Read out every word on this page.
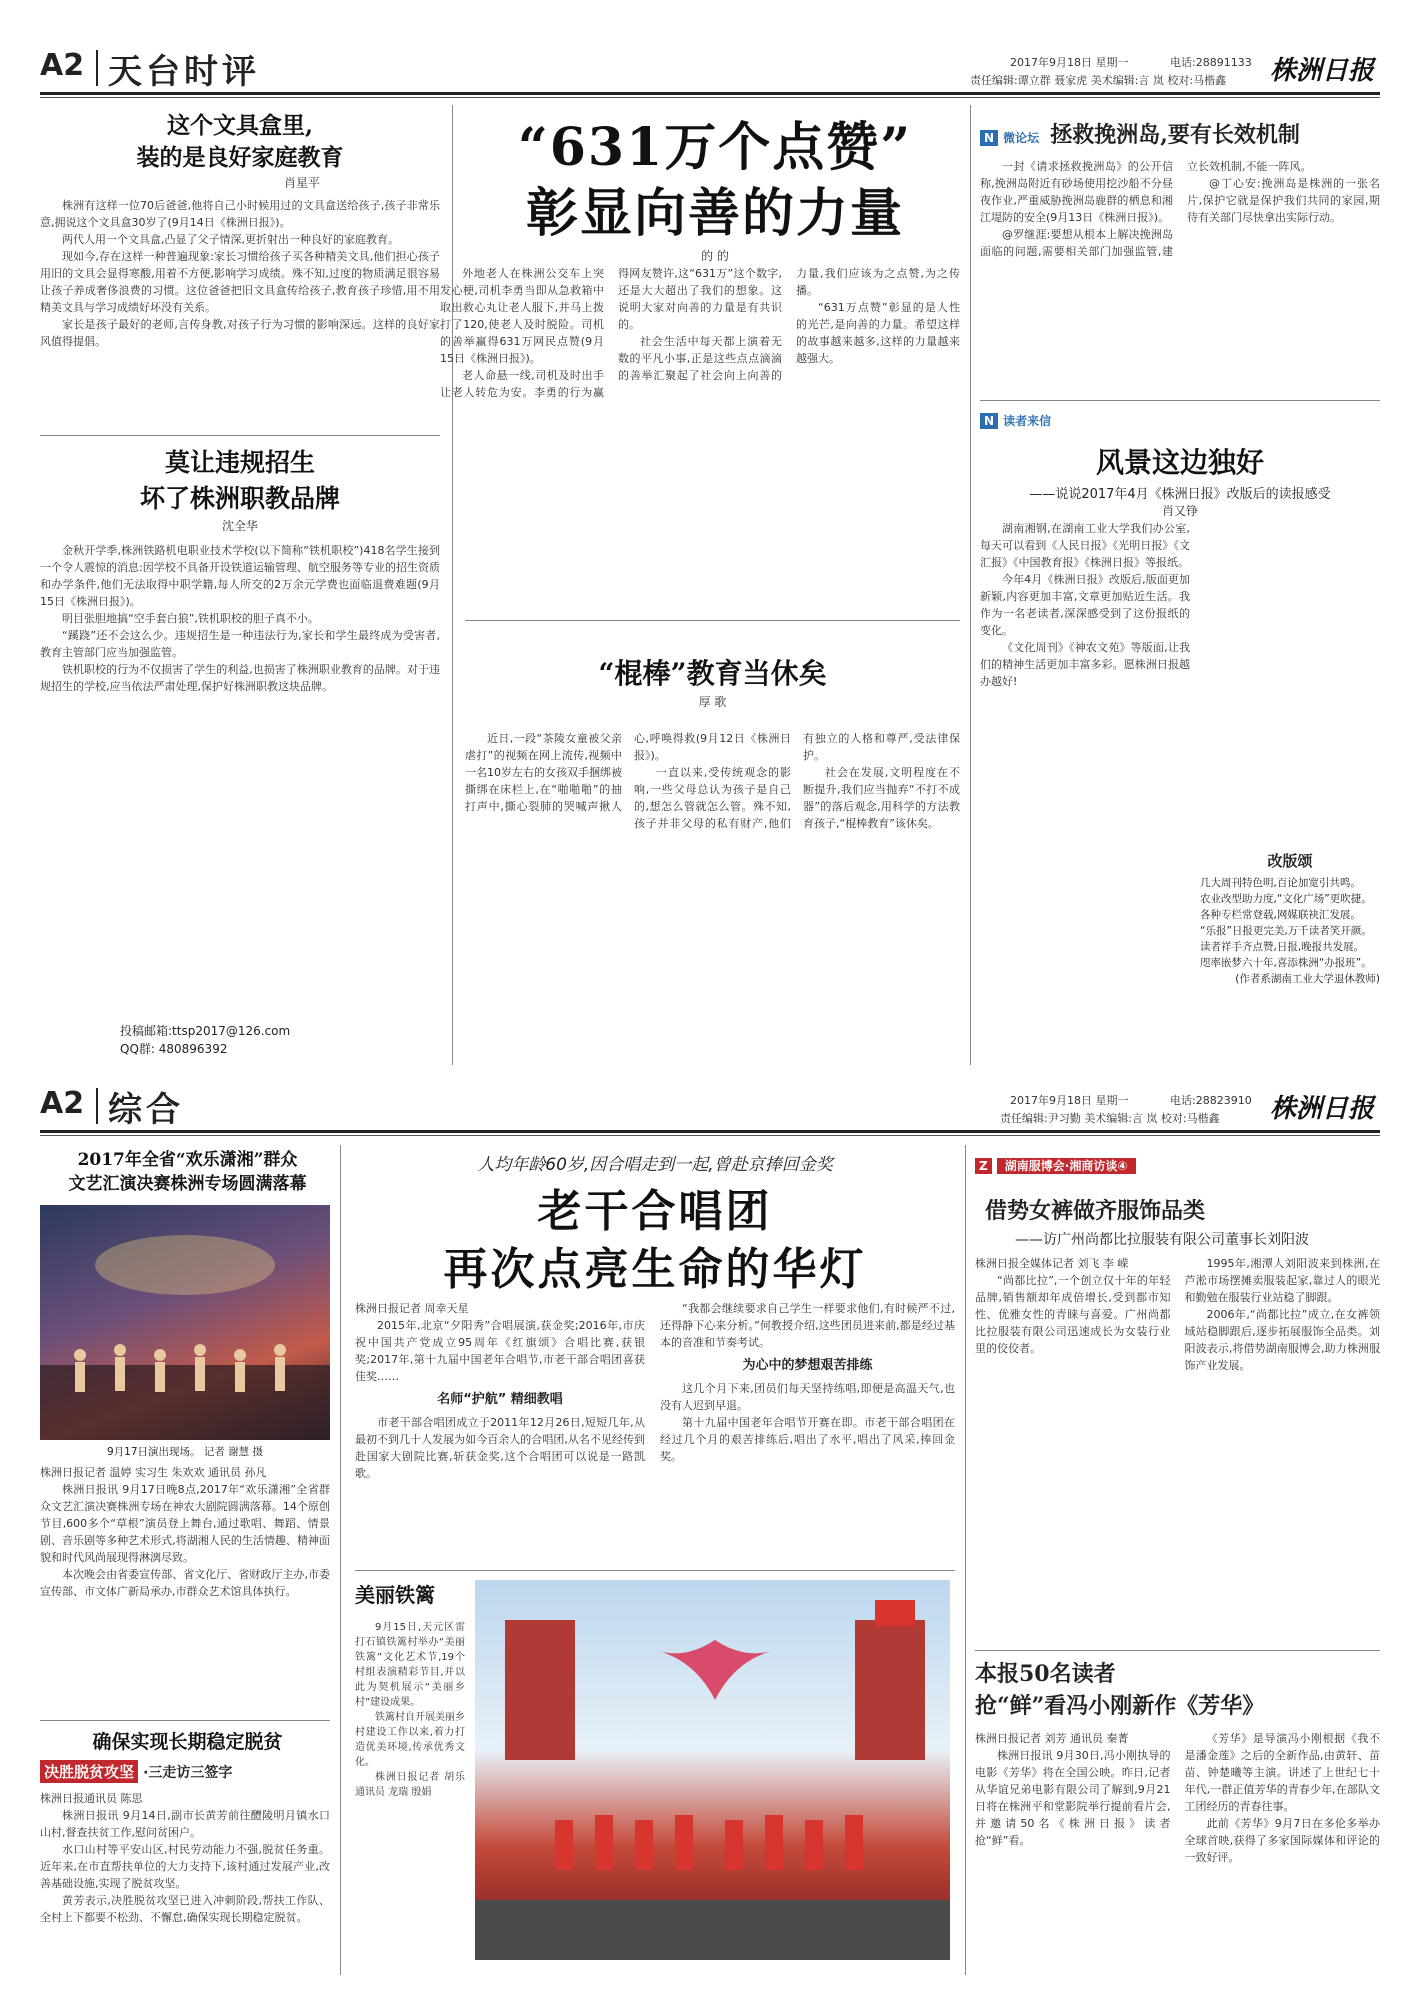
A2 天台时评	2017年9月18日 星期一	电话:28891133
责任编辑:谭立群 聂家虎 美术编辑:言 岚 校对:马楷鑫 株洲日报
这个文具盒里,
装的是良好家庭教育
肖星平

株洲有这样一位70后爸爸,他将自己小时候用过的文具盒送给孩子,孩子非常乐意,拥说这个文具盒30岁了(9月14日《株洲日报》)。

两代人用一个文具盒,凸显了父子情深,更折射出一种良好的家庭教育。

现如今,存在这样一种普遍现象:家长习惯给孩子买各种精美文具,他们担心孩子用旧的文具会显得寒酸,用着不方便,影响学习成绩。殊不知,过度的物质满足很容易让孩子养成奢侈浪费的习惯。这位爸爸把旧文具盒传给孩子,教育孩子珍惜,用不用精美文具与学习成绩好坏没有关系。

家长是孩子最好的老师,言传身教,对孩子行为习惯的影响深远。这样的良好家风值得提倡。

莫让违规招生
坏了株洲职教品牌
沈全华

金秋开学季,株洲铁路机电职业技术学校(以下简称“铁机职校”)418名学生接到一个令人震惊的消息:因学校不具备开设铁道运输管理、航空服务等专业的招生资质和办学条件,他们无法取得中职学籍,每人所交的2万余元学费也面临退费难题(9月15日《株洲日报》)。

明目张胆地搞“空手套白狼”,铁机职校的胆子真不小。

“蹊跷”还不会这么少。违规招生是一种违法行为,家长和学生最终成为受害者,教育主管部门应当加强监管。

铁机职校的行为不仅损害了学生的利益,也损害了株洲职业教育的品牌。对于违规招生的学校,应当依法严肃处理,保护好株洲职教这块品牌。

投稿邮箱:ttsp2017@126.com
QQ群: 480896392
“631万个点赞”
彰显向善的力量
的 的

外地老人在株洲公交车上突发心梗,司机李勇当即从急救箱中取出救心丸让老人服下,并马上拨打了120,使老人及时脱险。司机的善举赢得631万网民点赞(9月15日《株洲日报》)。

老人命悬一线,司机及时出手让老人转危为安。李勇的行为赢得网友赞许,这“631万”这个数字,还是大大超出了我们的想象。这说明大家对向善的力量是有共识的。

社会生活中每天都上演着无数的平凡小事,正是这些点点滴滴的善举汇聚起了社会向上向善的力量,我们应该为之点赞,为之传播。

“631万点赞”彰显的是人性的光芒,是向善的力量。希望这样的故事越来越多,这样的力量越来越强大。

“棍棒”教育当休矣
厚 歌

近日,一段“茶陵女童被父亲虐打”的视频在网上流传,视频中一名10岁左右的女孩双手捆绑被撕绑在床栏上,在“啪啪啪”的抽打声中,撕心裂肺的哭喊声揪人心,呼唤得救(9月12日《株洲日报》)。

一直以来,受传统观念的影响,一些父母总认为孩子是自己的,想怎么管就怎么管。殊不知,孩子并非父母的私有财产,他们有独立的人格和尊严,受法律保护。

社会在发展,文明程度在不断提升,我们应当抛弃“不打不成器”的落后观念,用科学的方法教育孩子,“棍棒教育”该休矣。

N 微论坛 拯救挽洲岛,要有长效机制

一封《请求拯救挽洲岛》的公开信称,挽洲岛附近有砂场使用挖沙船不分昼夜作业,严重威胁挽洲岛鹿群的栖息和湘江堤防的安全(9月13日《株洲日报》)。

@罗继涯:要想从根本上解决挽洲岛面临的问题,需要相关部门加强监管,建立长效机制,不能一阵风。

@丁心安:挽洲岛是株洲的一张名片,保护它就是保护我们共同的家园,期待有关部门尽快拿出实际行动。

N 读者来信
风景这边独好
——说说2017年4月《株洲日报》改版后的读报感受
肖又铮

湖南湘钢,在湖南工业大学我们办公室,每天可以看到《人民日报》《光明日报》《文汇报》《中国教育报》《株洲日报》等报纸。

今年4月《株洲日报》改版后,版面更加新颖,内容更加丰富,文章更加贴近生活。我作为一名老读者,深深感受到了这份报纸的变化。

《文化周刊》《神农文苑》等版面,让我们的精神生活更加丰富多彩。愿株洲日报越办越好!

改版颂
几大周刊特色明,百论加宽引共鸣。
农业改型助力度,“文化广场”更吹捷。
各种专栏常登载,网媒联袂汇发展。
“乐报”日报更完美,万千读者笑开颜。
读者祥手齐点赞,日报,晚报共发展。
咫率嵌梦六十年,喜添株洲“办报班”。
(作者系湖南工业大学退休教师)
A2 综合	2017年9月18日 星期一	电话:28823910
责任编辑:尹习勤 美术编辑:言 岚 校对:马楷鑫 株洲日报
2017年全省“欢乐潇湘”群众
文艺汇演决赛株洲专场圆满落幕
9月17日演出现场。 记者 谢慧 摄
株洲日报记者 温婷 实习生 朱欢欢 通讯员 孙凡

株洲日报讯 9月17日晚8点,2017年“欢乐潇湘”全省群众文艺汇演决赛株洲专场在神农大剧院圆满落幕。14个原创节目,600多个“草根”演员登上舞台,通过歌唱、舞蹈、情景剧、音乐剧等多种艺术形式,将湖湘人民的生活情趣、精神面貌和时代风尚展现得淋漓尽致。

本次晚会由省委宣传部、省文化厅、省财政厅主办,市委宣传部、市文体广新局承办,市群众艺术馆具体执行。

确保实现长期稳定脱贫
决胜脱贫攻坚 ·三走访三签字
株洲日报通讯员 陈思

株洲日报讯 9月14日,副市长黄芳前往醴陵明月镇水口山村,督查扶贫工作,慰问贫困户。

水口山村等平安山区,村民劳动能力不强,脱贫任务重。近年来,在市直帮扶单位的大力支持下,该村通过发展产业,改善基础设施,实现了脱贫攻坚。

黄芳表示,决胜脱贫攻坚已进入冲刺阶段,帮扶工作队、全村上下都要不松劲、不懈怠,确保实现长期稳定脱贫。

人均年龄60岁,因合唱走到一起,曾赴京捧回金奖
老干合唱团
再次点亮生命的华灯
株洲日报记者 周幸天星

2015年,北京“夕阳秀”合唱展演,获金奖;2016年,市庆祝中国共产党成立95周年《红旗颂》合唱比赛,获银奖;2017年,第十九届中国老年合唱节,市老干部合唱团喜获佳奖……

名师“护航” 精细教唱

市老干部合唱团成立于2011年12月26日,短短几年,从最初不到几十人发展为如今百余人的合唱团,从名不见经传到赴国家大剧院比赛,斩获金奖,这个合唱团可以说是一路凯歌。

“我都会继续要求自己学生一样要求他们,有时候严不过,还得静下心来分析。”何教授介绍,这些团员进来前,都是经过基本的音准和节奏考试。

为心中的梦想艰苦排练

这几个月下来,团员们每天坚持练唱,即便是高温天气,也没有人迟到早退。

第十九届中国老年合唱节开赛在即。市老干部合唱团在经过几个月的艰苦排练后,唱出了水平,唱出了风采,捧回金奖。

美丽铁篱

9月15日,天元区雷打石镇铁篱村举办“美丽铁篱”文化艺术节,19个村组表演精彩节目,并以此为契机展示“美丽乡村”建设成果。

铁篱村自开展美丽乡村建设工作以来,着力打造优美环境,传承优秀文化。

株洲日报记者 胡乐 通讯员 龙瑞 殷娟

Z 湖南服博会·湘商访谈④
借势女裤做齐服饰品类
——访广州尚都比拉服装有限公司董事长刘阳波
株洲日报全媒体记者 刘飞 李 嵘

“尚都比拉”,一个创立仅十年的年轻品牌,销售额却年成倍增长,受到都市知性、优雅女性的青睐与喜爱。广州尚都比拉服装有限公司迅速成长为女装行业里的佼佼者。

1995年,湘潭人刘阳波来到株洲,在芦淞市场摆摊卖服装起家,靠过人的眼光和勤勉在服装行业站稳了脚跟。

2006年,“尚都比拉”成立,在女裤领域站稳脚跟后,逐步拓展服饰全品类。刘阳波表示,将借势湖南服博会,助力株洲服饰产业发展。

本报50名读者
抢“鲜”看冯小刚新作《芳华》
株洲日报记者 刘芳 通讯员 秦菁

株洲日报讯 9月30日,冯小刚执导的电影《芳华》将在全国公映。昨日,记者从华谊兄弟电影有限公司了解到,9月21日将在株洲平和堂影院举行提前看片会,并邀请50名《株洲日报》读者抢“鲜”看。

《芳华》是导演冯小刚根据《我不是潘金莲》之后的全新作品,由黄轩、苗苗、钟楚曦等主演。讲述了上世纪七十年代,一群正值芳华的青春少年,在部队文工团经历的青春往事。

此前《芳华》9月7日在多伦多举办全球首映,获得了多家国际媒体和评论的一致好评。
